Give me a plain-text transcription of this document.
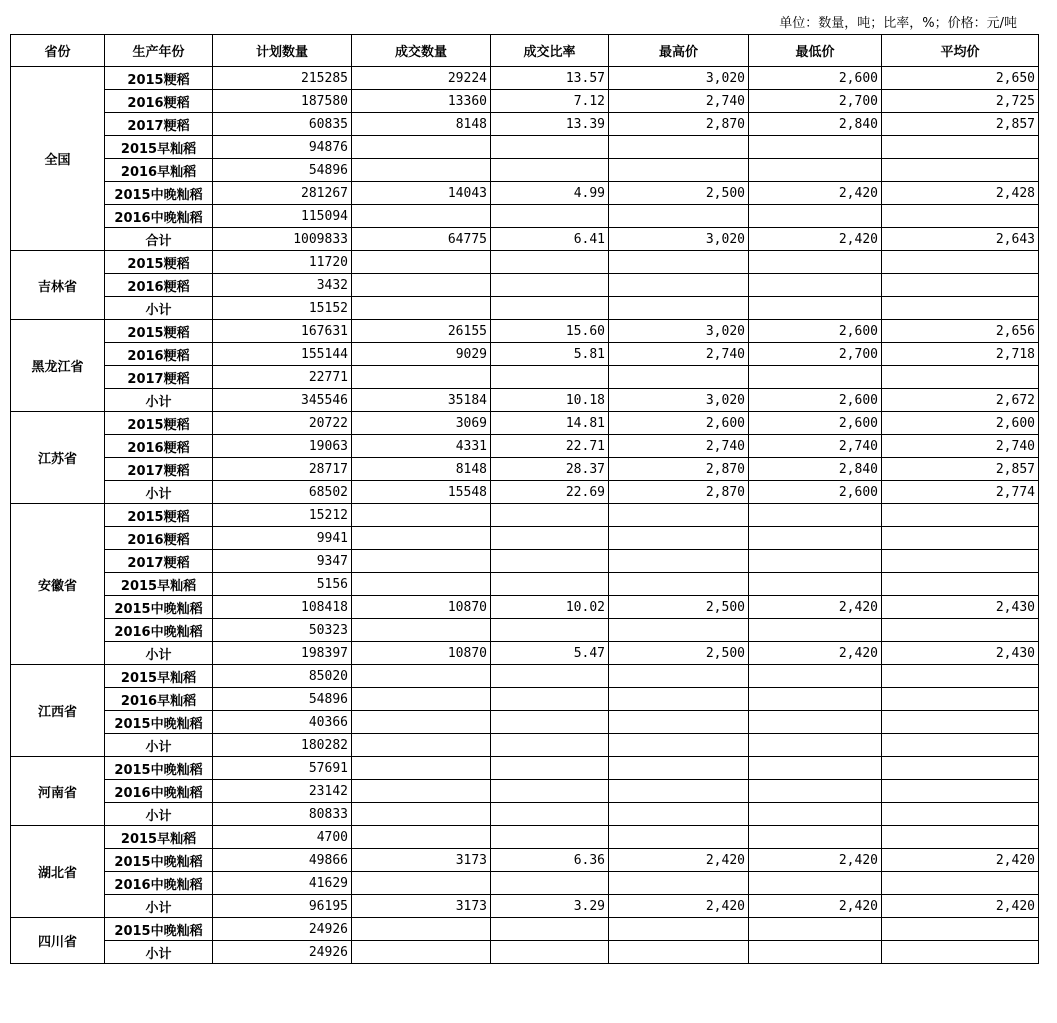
单位：数量，吨；比率，%；价格：元/吨
省份	生产年份	计划数量	成交数量	成交比率	最高价	最低价	平均价
全国	2015粳稻	215285	29224	13.57	3,020	2,600	2,650
	2016粳稻	187580	13360	7.12	2,740	2,700	2,725
	2017粳稻	60835	8148	13.39	2,870	2,840	2,857
	2015早籼稻	94876					
	2016早籼稻	54896					
	2015中晚籼稻	281267	14043	4.99	2,500	2,420	2,428
	2016中晚籼稻	115094					
	合计	1009833	64775	6.41	3,020	2,420	2,643
吉林省	2015粳稻	11720					
	2016粳稻	3432					
	小计	15152					
黑龙江省	2015粳稻	167631	26155	15.60	3,020	2,600	2,656
	2016粳稻	155144	9029	5.81	2,740	2,700	2,718
	2017粳稻	22771					
	小计	345546	35184	10.18	3,020	2,600	2,672
江苏省	2015粳稻	20722	3069	14.81	2,600	2,600	2,600
	2016粳稻	19063	4331	22.71	2,740	2,740	2,740
	2017粳稻	28717	8148	28.37	2,870	2,840	2,857
	小计	68502	15548	22.69	2,870	2,600	2,774
安徽省	2015粳稻	15212					
	2016粳稻	9941					
	2017粳稻	9347					
	2015早籼稻	5156					
	2015中晚籼稻	108418	10870	10.02	2,500	2,420	2,430
	2016中晚籼稻	50323					
	小计	198397	10870	5.47	2,500	2,420	2,430
江西省	2015早籼稻	85020					
	2016早籼稻	54896					
	2015中晚籼稻	40366					
	小计	180282					
河南省	2015中晚籼稻	57691					
	2016中晚籼稻	23142					
	小计	80833					
湖北省	2015早籼稻	4700					
	2015中晚籼稻	49866	3173	6.36	2,420	2,420	2,420
	2016中晚籼稻	41629					
	小计	96195	3173	3.29	2,420	2,420	2,420
四川省	2015中晚籼稻	24926					
	小计	24926					
